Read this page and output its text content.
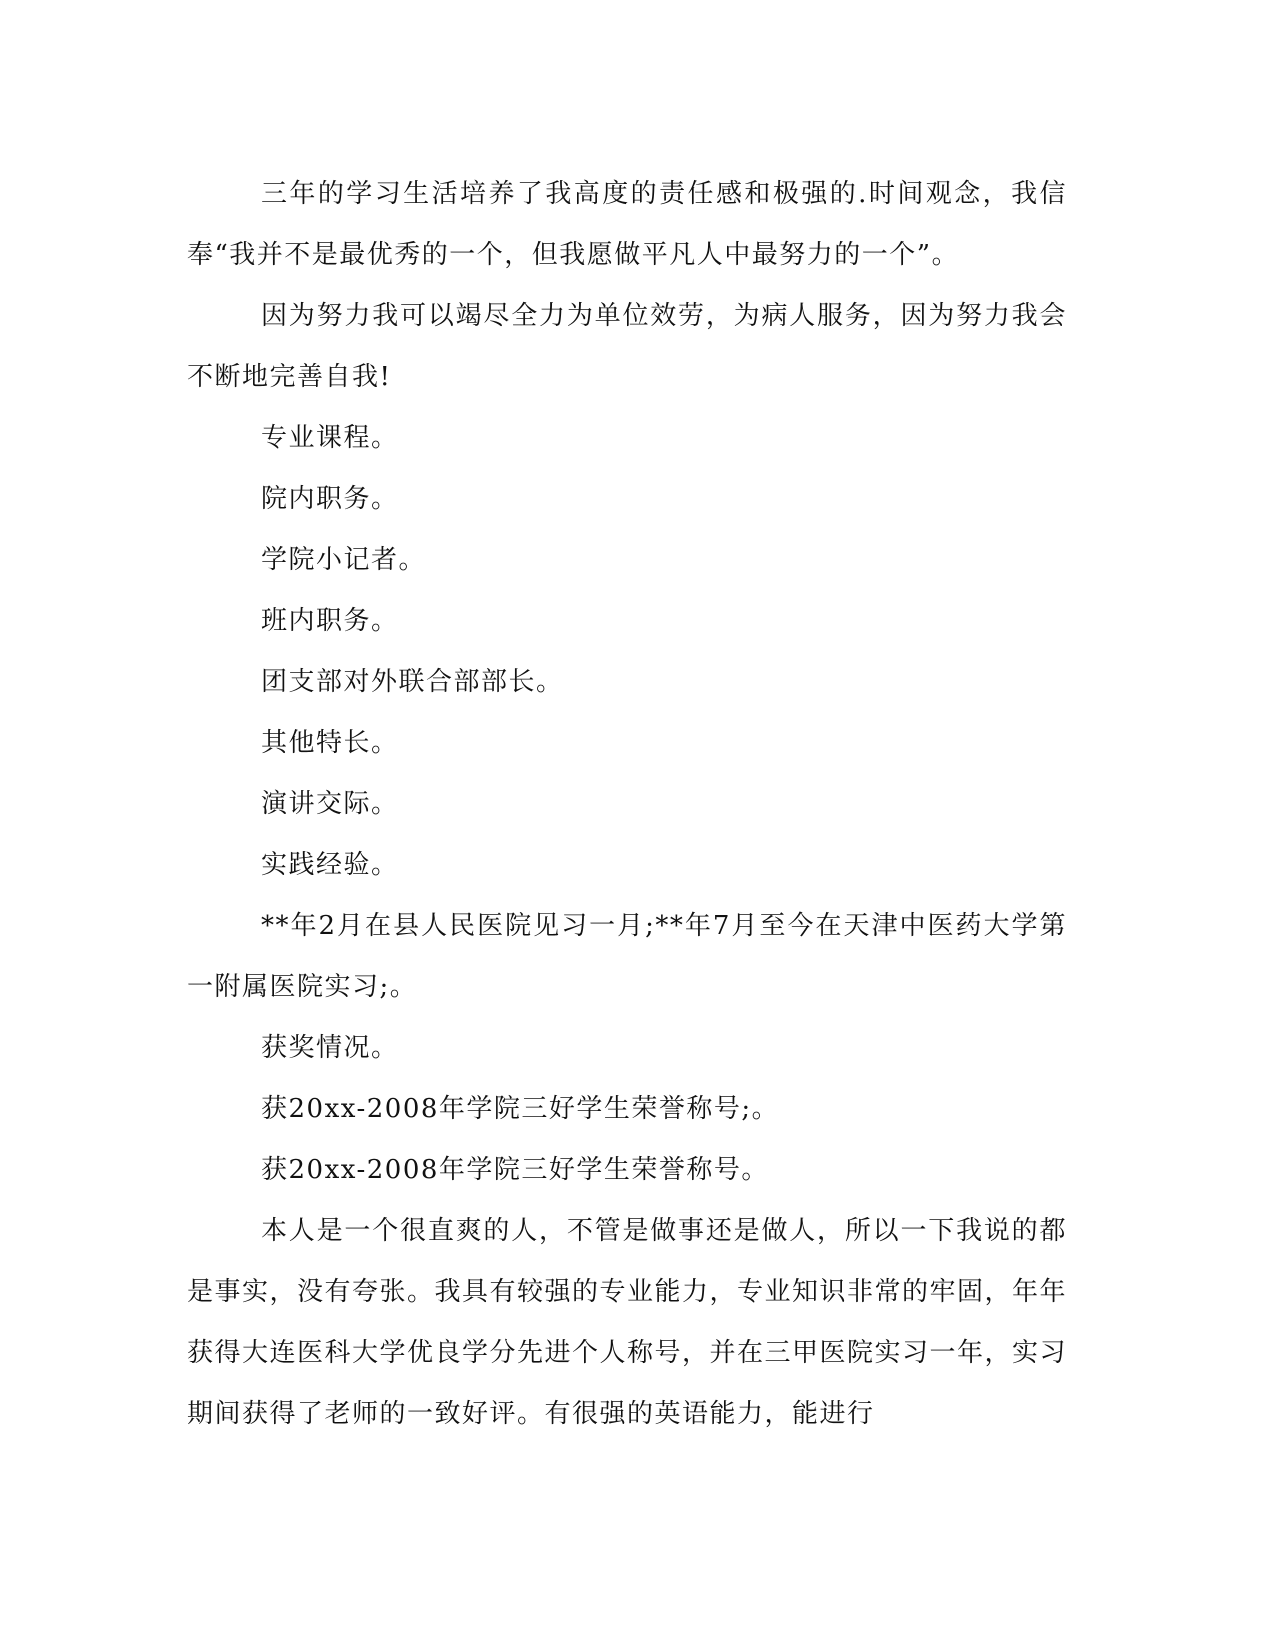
三年的学习生活培养了我高度的责任感和极强的.时间观念，我信奉“我并不是最优秀的一个，但我愿做平凡人中最努力的一个”。

因为努力我可以竭尽全力为单位效劳，为病人服务，因为努力我会不断地完善自我!

专业课程。

院内职务。

学院小记者。

班内职务。

团支部对外联合部部长。

其他特长。

演讲交际。

实践经验。

**年2月在县人民医院见习一月;**年7月至今在天津中医药大学第一附属医院实习;。

获奖情况。

获20xx-2008年学院三好学生荣誉称号;。

获20xx-2008年学院三好学生荣誉称号。

本人是一个很直爽的人，不管是做事还是做人，所以一下我说的都是事实，没有夸张。我具有较强的专业能力，专业知识非常的牢固，年年获得大连医科大学优良学分先进个人称号，并在三甲医院实习一年，实习期间获得了老师的一致好评。有很强的英语能力，能进行
